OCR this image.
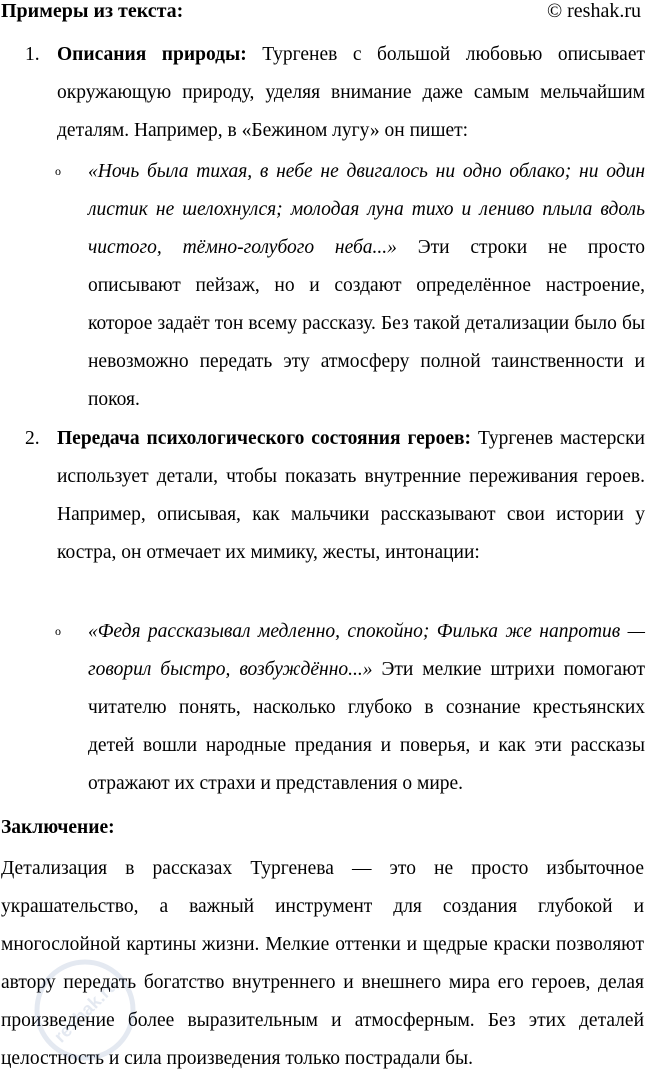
Примеры из текста:	© reshak.ru
1. Описания природы: Тургенев с большой любовью описывает окружающую природу, уделяя внимание даже самым мельчайшим деталям. Например, в «Бежином лугу» он пишет:

o «Ночь была тихая, в небе не двигалось ни одно облако; ни один листик не шелохнулся; молодая луна тихо и лениво плыла вдоль чистого, тёмно-голубого неба...» Эти строки не просто описывают пейзаж, но и создают определённое настроение, которое задаёт тон всему рассказу. Без такой детализации было бы невозможно передать эту атмосферу полной таинственности и покоя.

2. Передача психологического состояния героев: Тургенев мастерски использует детали, чтобы показать внутренние переживания героев. Например, описывая, как мальчики рассказывают свои истории у костра, он отмечает их мимику, жесты, интонации:

o «Федя рассказывал медленно, спокойно; Филька же напротив — говорил быстро, возбуждённо...» Эти мелкие штрихи помогают читателю понять, насколько глубоко в сознание крестьянских детей вошли народные предания и поверья, и как эти рассказы отражают их страхи и представления о мире.

Заключение:

Детализация в рассказах Тургенева — это не просто избыточное украшательство, а важный инструмент для создания глубокой и многослойной картины жизни. Мелкие оттенки и щедрые краски позволяют автору передать богатство внутреннего и внешнего мира его героев, делая произведение более выразительным и атмосферным. Без этих деталей целостность и сила произведения только пострадали бы.

reshak.ru
